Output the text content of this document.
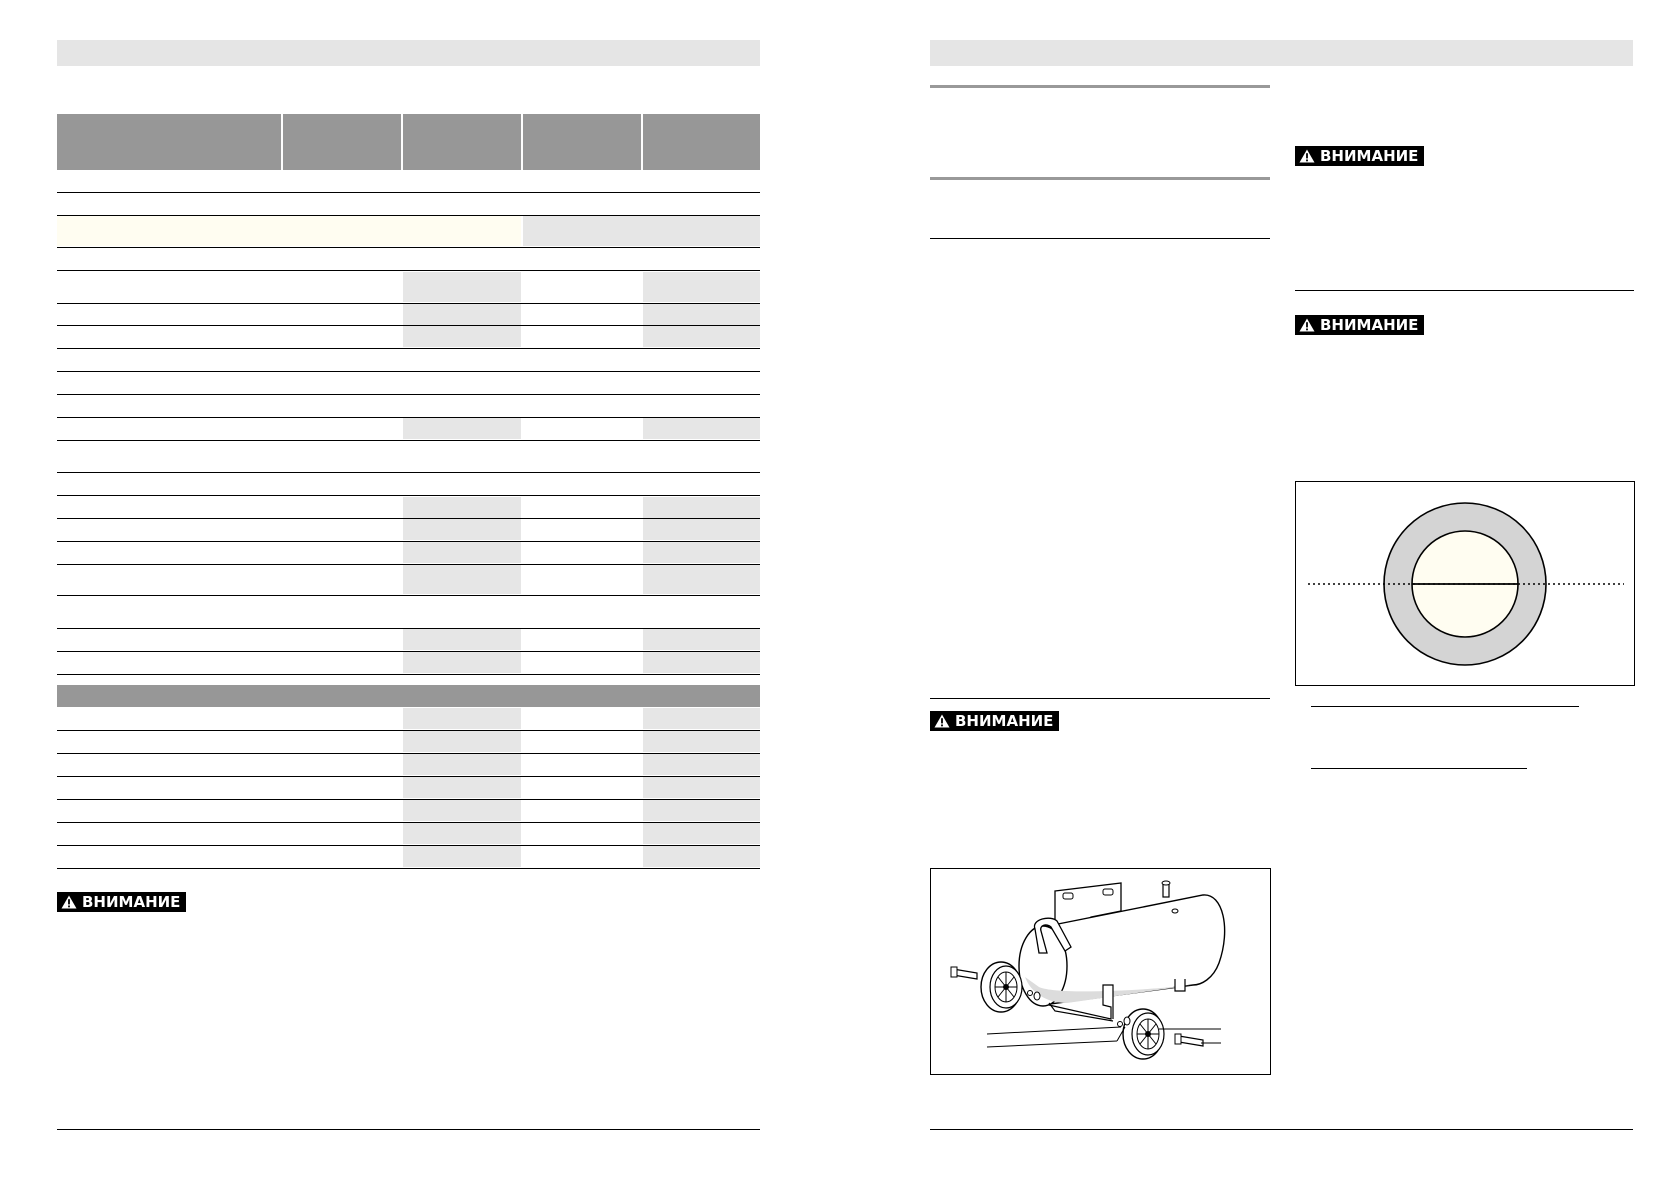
ВНИМАНИЕ
ВНИМАНИЕ
ВНИМАНИЕ
ВНИМАНИЕ
